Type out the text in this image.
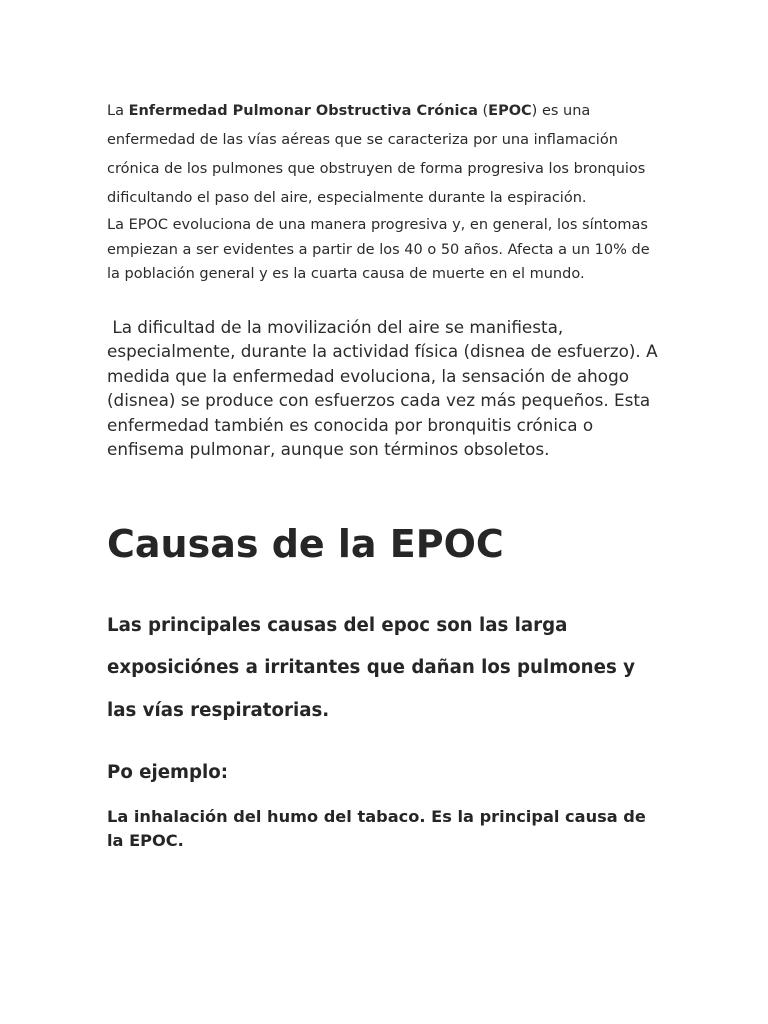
La Enfermedad Pulmonar Obstructiva Crónica (EPOC) es una enfermedad de las vías aéreas que se caracteriza por una inflamación crónica de los pulmones que obstruyen de forma progresiva los bronquios dificultando el paso del aire, especialmente durante la espiración.

La EPOC evoluciona de una manera progresiva y, en general, los síntomas empiezan a ser evidentes a partir de los 40 o 50 años. Afecta a un 10% de la población general y es la cuarta causa de muerte en el mundo.

La dificultad de la movilización del aire se manifiesta, especialmente, durante la actividad física (disnea de esfuerzo). A medida que la enfermedad evoluciona, la sensación de ahogo (disnea) se produce con esfuerzos cada vez más pequeños. Esta enfermedad también es conocida por bronquitis crónica o enfisema pulmonar, aunque son términos obsoletos.

Causas de la EPOC
Las principales causas del epoc son las larga exposiciónes a irritantes que dañan los pulmones y las vías respiratorias.
Po ejemplo:

La inhalación del humo del tabaco. Es la principal causa de la EPOC.
